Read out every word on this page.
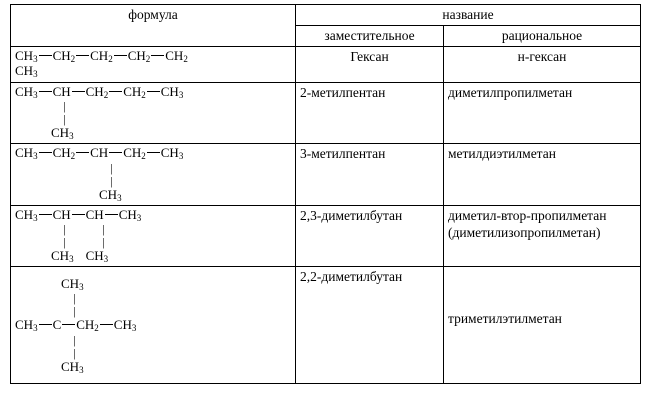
формула	название	
	заместительное	рациональное

$CH_3$ $CH_2$ $CH_2$ $CH_2$ $CH_2$
$CH_3$	Гексан	н-гексан

$CH_3$ CH $CH_2$ $CH_2$ $CH_3$
|
|
$CH_3$	2-метилпентан	диметилпропилметан

$CH_3$ $CH_2$ CH $CH_2$ $CH_3$
|
|
$CH_3$	3-метилпентан	метилдиэтилметан

$CH_3$ CH CH $CH_3$
| |
| |
$CH_3$ $CH_3$	2,3-диметилбутан	диметил-втор-пропилметан (диметилизопропилметан)

$CH_3$
|
|
$CH_3$ C $CH_2$ $CH_3$
|
|
$CH_3$
	2,2-диметилбутан	триметилэтилметан
